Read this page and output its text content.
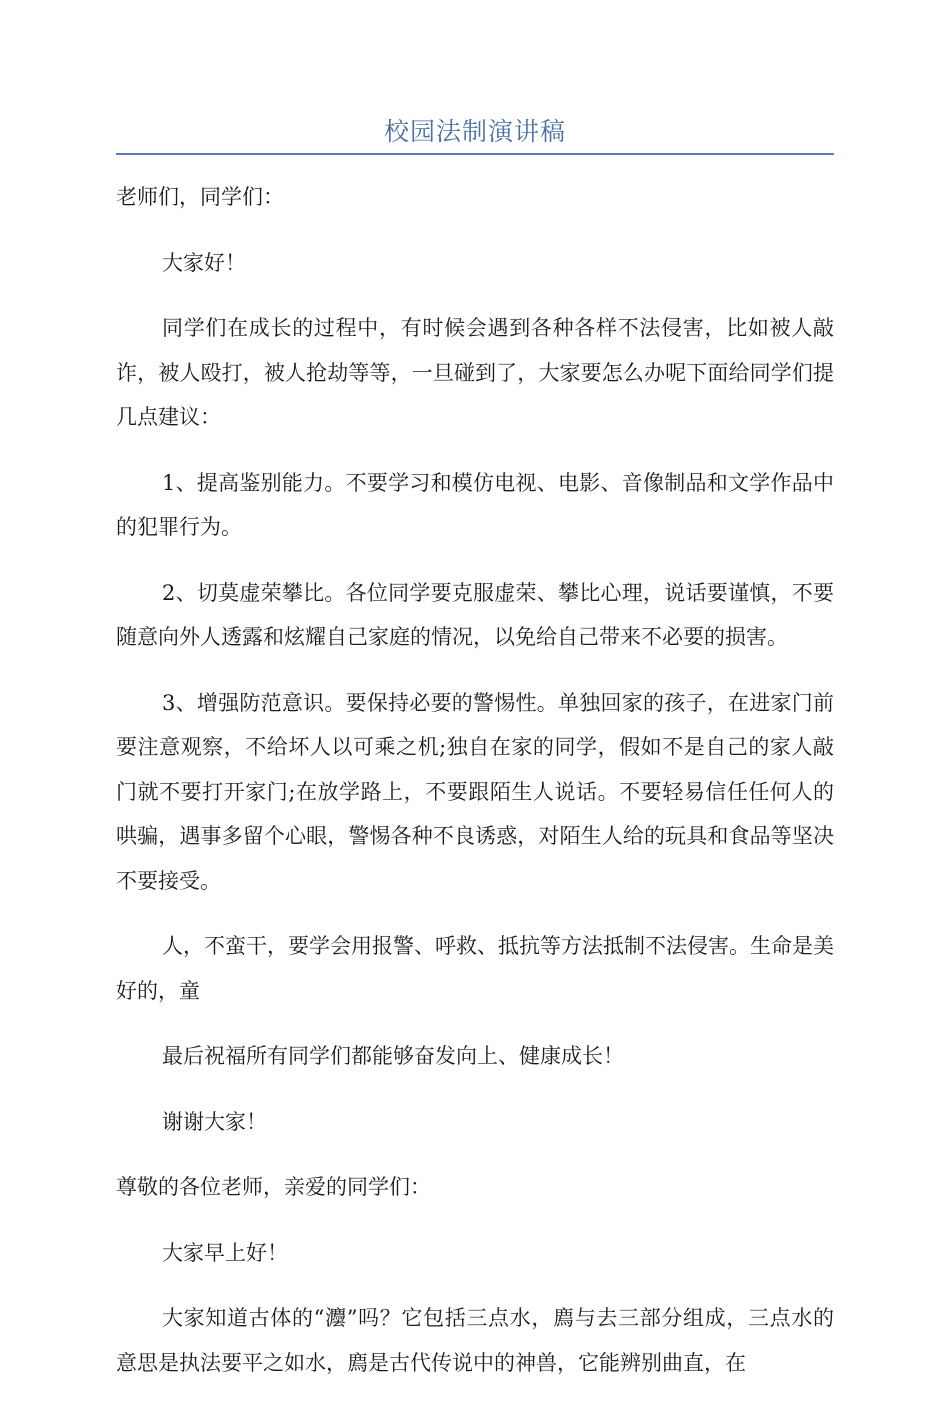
校园法制演讲稿

老师们，同学们：

大家好！

同学们在成长的过程中，有时候会遇到各种各样不法侵害，比如被人敲诈，被人殴打，被人抢劫等等，一旦碰到了，大家要怎么办呢下面给同学们提几点建议：

1、提高鉴别能力。不要学习和模仿电视、电影、音像制品和文学作品中的犯罪行为。

2、切莫虚荣攀比。各位同学要克服虚荣、攀比心理，说话要谨慎，不要随意向外人透露和炫耀自己家庭的情况，以免给自己带来不必要的损害。

3、增强防范意识。要保持必要的警惕性。单独回家的孩子，在进家门前要注意观察，不给坏人以可乘之机;独自在家的同学，假如不是自己的家人敲门就不要打开家门;在放学路上，不要跟陌生人说话。不要轻易信任任何人的哄骗，遇事多留个心眼，警惕各种不良诱惑，对陌生人给的玩具和食品等坚决不要接受。

人，不蛮干，要学会用报警、呼救、抵抗等方法抵制不法侵害。生命是美好的，童

最后祝福所有同学们都能够奋发向上、健康成长！

谢谢大家！

尊敬的各位老师，亲爱的同学们：

大家早上好！

大家知道古体的“灋”吗？它包括三点水，廌与去三部分组成，三点水的意思是执法要平之如水，廌是古代传说中的神兽，它能辨别曲直，在
